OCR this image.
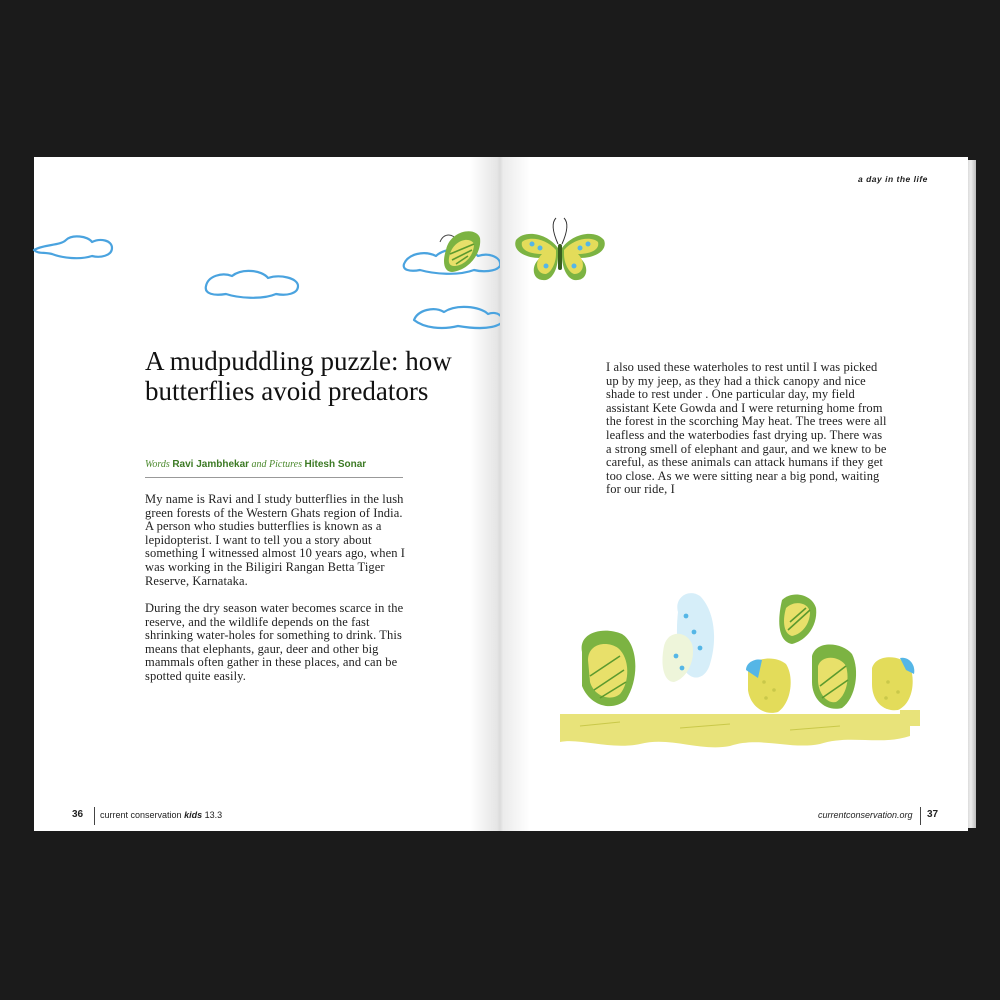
A mudpuddling puzzle: how butterflies avoid predators
Words Ravi Jambhekar and Pictures Hitesh Sonar

My name is Ravi and I study butterflies in the lush green forests of the Western Ghats region of India. A person who studies butterflies is known as a lepidopterist. I want to tell you a story about something I witnessed almost 10 years ago, when I was working in the Biligiri Rangan Betta Tiger Reserve, Karnataka.

During the dry season water becomes scarce in the reserve, and the wildlife depends on the fast shrinking water-holes for something to drink. This means that elephants, gaur, deer and other big mammals often gather in these places, and can be spotted quite easily.

a day in the life

I also used these waterholes to rest until I was picked up by my jeep, as they had a thick canopy and nice shade to rest under . One particular day, my field assistant Kete Gowda and I were returning home from the forest in the scorching May heat. The trees were all leafless and the waterbodies fast drying up. There was a strong smell of elephant and gaur, and we knew to be careful, as these animals can attack humans if they get too close. As we were sitting near a big pond, waiting for our ride, I

36 current conservation kids 13.3	currentconservation.org 37
